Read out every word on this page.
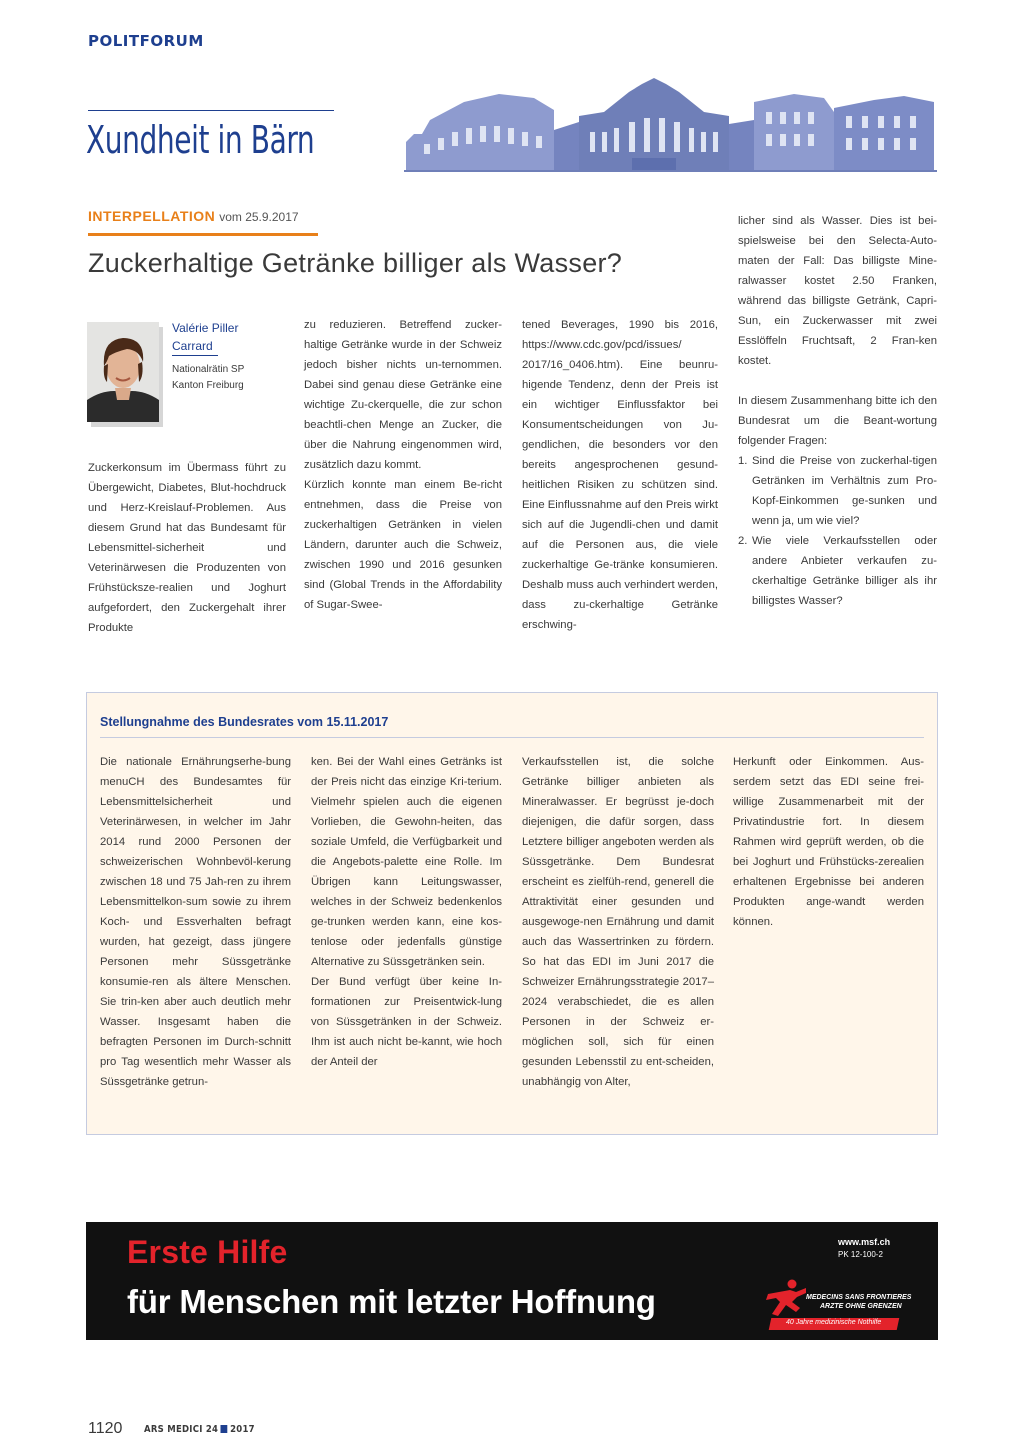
POLITFORUM
Xundheit in Bärn
INTERPELLATION vom 25.9.2017
Zuckerhaltige Getränke billiger als Wasser?
Valérie Piller
Carrard
Nationalrätin SP
Kanton Freiburg

Zuckerkonsum im Übermass führt zu Übergewicht, Diabetes, Blut-hochdruck und Herz-Kreislauf-Problemen. Aus diesem Grund hat das Bundesamt für Lebensmittel-sicherheit und Veterinärwesen die Produzenten von Frühstücksze-realien und Joghurt aufgefordert, den Zuckergehalt ihrer Produkte

zu reduzieren. Betreffend zucker-haltige Getränke wurde in der Schweiz jedoch bisher nichts un-ternommen. Dabei sind genau diese Getränke eine wichtige Zu-ckerquelle, die zur schon beachtli-chen Menge an Zucker, die über die Nahrung eingenommen wird, zusätzlich dazu kommt.

Kürzlich konnte man einem Be-richt entnehmen, dass die Preise von zuckerhaltigen Getränken in vielen Ländern, darunter auch die Schweiz, zwischen 1990 und 2016 gesunken sind (Global Trends in the Affordability of Sugar-Swee-

tened Beverages, 1990 bis 2016, https://www.cdc.gov/pcd/issues/ 2017/16_0406.htm). Eine beunru-higende Tendenz, denn der Preis ist ein wichtiger Einflussfaktor bei Konsumentscheidungen von Ju-gendlichen, die besonders vor den bereits angesprochenen gesund-heitlichen Risiken zu schützen sind. Eine Einflussnahme auf den Preis wirkt sich auf die Jugendli-chen und damit auf die Personen aus, die viele zuckerhaltige Ge-tränke konsumieren. Deshalb muss auch verhindert werden, dass zu-ckerhaltige Getränke erschwing-

licher sind als Wasser. Dies ist bei-spielsweise bei den Selecta-Auto-maten der Fall: Das billigste Mine-ralwasser kostet 2.50 Franken, während das billigste Getränk, Capri-Sun, ein Zuckerwasser mit zwei Esslöffeln Fruchtsaft, 2 Fran-ken kostet.

In diesem Zusammenhang bitte ich den Bundesrat um die Beant-wortung folgender Fragen:

1. Sind die Preise von zuckerhal-tigen Getränken im Verhältnis zum Pro-Kopf-Einkommen ge-sunken und wenn ja, um wie viel?
2. Wie viele Verkaufsstellen oder andere Anbieter verkaufen zu-ckerhaltige Getränke billiger als ihr billigstes Wasser?
Stellungnahme des Bundesrates vom 15.11.2017

Die nationale Ernährungserhe-bung menuCH des Bundesamtes für Lebensmittelsicherheit und Veterinärwesen, in welcher im Jahr 2014 rund 2000 Personen der schweizerischen Wohnbevöl-kerung zwischen 18 und 75 Jah-ren zu ihrem Lebensmittelkon-sum sowie zu ihrem Koch- und Essverhalten befragt wurden, hat gezeigt, dass jüngere Personen mehr Süssgetränke konsumie-ren als ältere Menschen. Sie trin-ken aber auch deutlich mehr Wasser. Insgesamt haben die befragten Personen im Durch-schnitt pro Tag wesentlich mehr Wasser als Süssgetränke getrun-

ken. Bei der Wahl eines Getränks ist der Preis nicht das einzige Kri-terium. Vielmehr spielen auch die eigenen Vorlieben, die Gewohn-heiten, das soziale Umfeld, die Verfügbarkeit und die Angebots-palette eine Rolle. Im Übrigen kann Leitungswasser, welches in der Schweiz bedenkenlos ge-trunken werden kann, eine kos-tenlose oder jedenfalls günstige Alternative zu Süssgetränken sein.

Der Bund verfügt über keine In-formationen zur Preisentwick-lung von Süssgetränken in der Schweiz. Ihm ist auch nicht be-kannt, wie hoch der Anteil der

Verkaufsstellen ist, die solche Getränke billiger anbieten als Mineralwasser. Er begrüsst je-doch diejenigen, die dafür sorgen, dass Letztere billiger angeboten werden als Süssgetränke. Dem Bundesrat erscheint es zielfüh-rend, generell die Attraktivität einer gesunden und ausgewoge-nen Ernährung und damit auch das Wassertrinken zu fördern. So hat das EDI im Juni 2017 die Schweizer Ernährungsstrategie 2017–2024 verabschiedet, die es allen Personen in der Schweiz er-möglichen soll, sich für einen gesunden Lebensstil zu ent-scheiden, unabhängig von Alter,

Herkunft oder Einkommen. Aus-serdem setzt das EDI seine frei-willige Zusammenarbeit mit der Privatindustrie fort. In diesem Rahmen wird geprüft werden, ob die bei Joghurt und Frühstücks-zerealien erhaltenen Ergebnisse bei anderen Produkten ange-wandt werden können.

Erste Hilfe
für Menschen mit letzter Hoffnung
www.msf.ch
PK 12-100-2
MEDECINS SANS FRONTIERES
ARZTE OHNE GRENZEN
40 Jahre medizinische Nothilfe
1120 ARS MEDICI 24 2017
